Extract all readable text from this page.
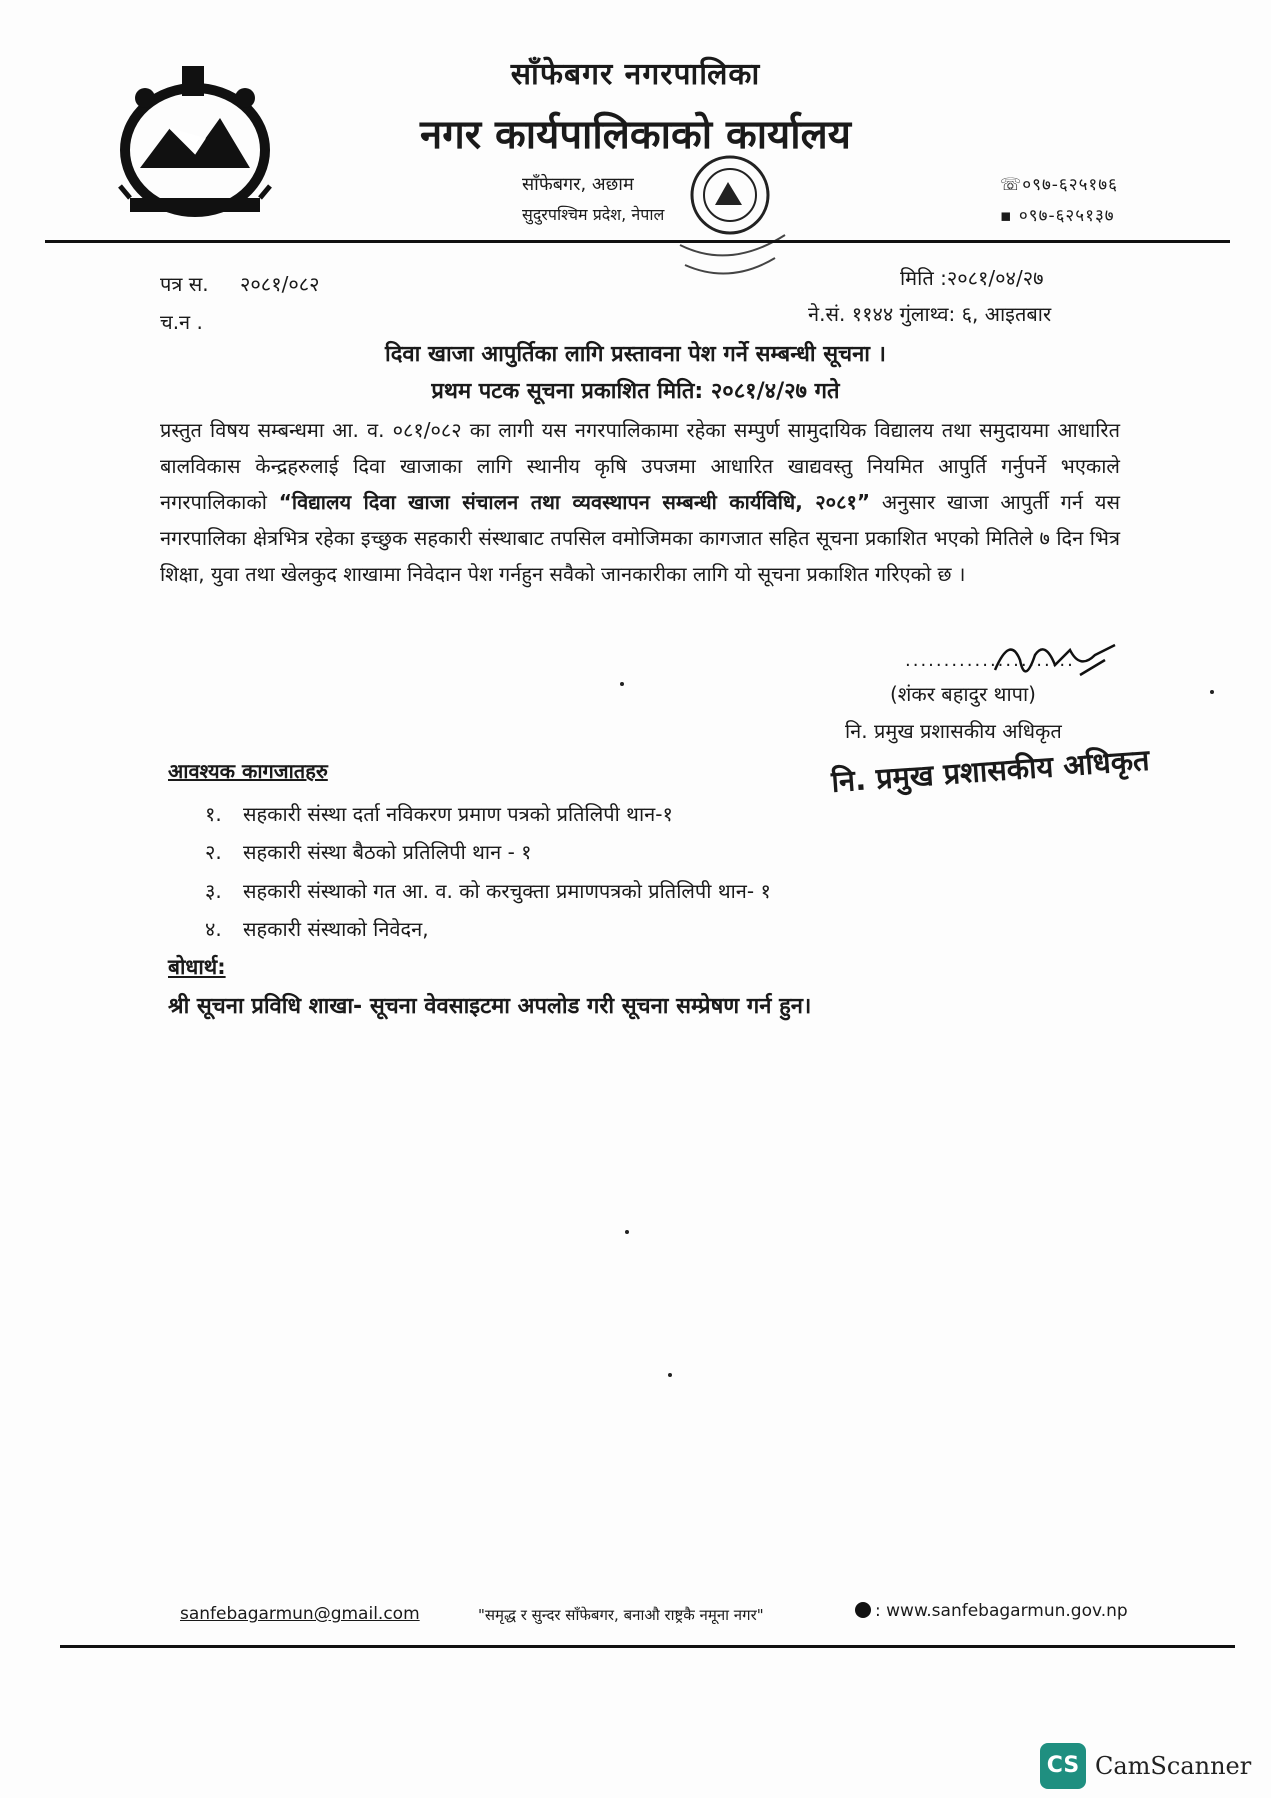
साँफेबगर नगरपालिका
नगर कार्यपालिकाको कार्यालय
साँफेबगर, अछाम
सुदुरपश्चिम प्रदेश, नेपाल
☏०९७-६२५१७६
▪ ०९७-६२५१३७
पत्र स. २०८१/०८२
च.न .
मिति :२०८१/०४/२७
ने.सं. ११४४ गुंलाथ्व: ६, आइतबार
दिवा खाजा आपुर्तिका लागि प्रस्तावना पेश गर्ने सम्बन्धी सूचना ।
प्रथम पटक सूचना प्रकाशित मिति: २०८१/४/२७ गते
प्रस्तुत विषय सम्बन्धमा आ. व. ०८१/०८२ का लागी यस नगरपालिकामा रहेका सम्पुर्ण सामुदायिक विद्यालय तथा समुदायमा आधारित बालविकास केन्द्रहरुलाई दिवा खाजाका लागि स्थानीय कृषि उपजमा आधारित खाद्यवस्तु नियमित आपुर्ति गर्नुपर्ने भएकाले नगरपालिकाको “विद्यालय दिवा खाजा संचालन तथा व्यवस्थापन सम्बन्धी कार्यविधि, २०८१” अनुसार खाजा आपुर्ती गर्न यस नगरपालिका क्षेत्रभित्र रहेका इच्छुक सहकारी संस्थाबाट तपसिल वमोजिमका कागजात सहित सूचना प्रकाशित भएको मितिले ७ दिन भित्र शिक्षा, युवा तथा खेलकुद शाखामा निवेदान पेश गर्नहुन सवैको जानकारीका लागि यो सूचना प्रकाशित गरिएको छ ।
......................
(शंकर बहादुर थापा)
नि. प्रमुख प्रशासकीय अधिकृत
नि. प्रमुख प्रशासकीय अधिकृत
आवश्यक कागजातहरु
१. सहकारी संस्था दर्ता नविकरण प्रमाण पत्रको प्रतिलिपी थान-१
२. सहकारी संस्था बैठको प्रतिलिपी थान - १
३. सहकारी संस्थाको गत आ. व. को करचुक्ता प्रमाणपत्रको प्रतिलिपी थान- १
४. सहकारी संस्थाको निवेदन,
बोधार्थ:
श्री सूचना प्रविधि शाखा- सूचना वेवसाइटमा अपलोड गरी सूचना सम्प्रेषण गर्न हुन।
sanfebagarmun@gmail.com	"समृद्ध र सुन्दर साँफेबगर, बनाऔ राष्ट्रकै नमूना नगर"	: www.sanfebagarmun.gov.np
CS CamScanner
